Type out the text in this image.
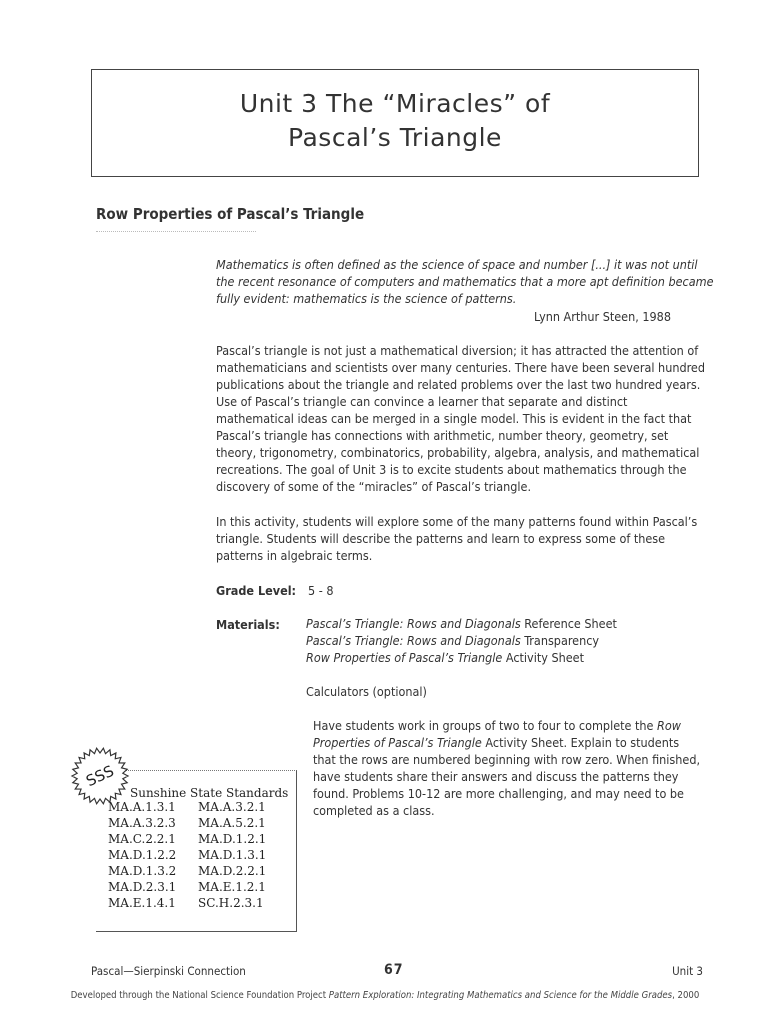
Unit 3 The “Miracles” of
Pascal’s Triangle
Row Properties of Pascal’s Triangle
Mathematics is often defined as the science of space and number [...] it was not until
the recent resonance of computers and mathematics that a more apt definition became
fully evident: mathematics is the science of patterns.
Lynn Arthur Steen, 1988
Pascal’s triangle is not just a mathematical diversion; it has attracted the attention of
mathematicians and scientists over many centuries. There have been several hundred
publications about the triangle and related problems over the last two hundred years.
Use of Pascal’s triangle can convince a learner that separate and distinct
mathematical ideas can be merged in a single model. This is evident in the fact that
Pascal’s triangle has connections with arithmetic, number theory, geometry, set
theory, trigonometry, combinatorics, probability, algebra, analysis, and mathematical
recreations. The goal of Unit 3 is to excite students about mathematics through the
discovery of some of the “miracles” of Pascal’s triangle.
In this activity, students will explore some of the many patterns found within Pascal’s
triangle. Students will describe the patterns and learn to express some of these
patterns in algebraic terms.
Grade Level: 5 - 8
Materials: Pascal’s Triangle: Rows and Diagonals Reference Sheet
Pascal’s Triangle: Rows and Diagonals Transparency
Row Properties of Pascal’s Triangle Activity Sheet
Calculators (optional)
Have students work in groups of two to four to complete the Row
Properties of Pascal’s Triangle Activity Sheet. Explain to students
that the rows are numbered beginning with row zero. When finished,
have students share their answers and discuss the patterns they
found. Problems 10-12 are more challenging, and may need to be
completed as a class.
SSS
Sunshine State Standards
MA.A.1.3.1	MA.A.3.2.1
MA.A.3.2.3	MA.A.5.2.1
MA.C.2.2.1	MA.D.1.2.1
MA.D.1.2.2	MA.D.1.3.1
MA.D.1.3.2	MA.D.2.2.1
MA.D.2.3.1	MA.E.1.2.1
MA.E.1.4.1	SC.H.2.3.1
Pascal—Sierpinski Connection	67	Unit 3
Developed through the National Science Foundation Project Pattern Exploration: Integrating Mathematics and Science for the Middle Grades, 2000
